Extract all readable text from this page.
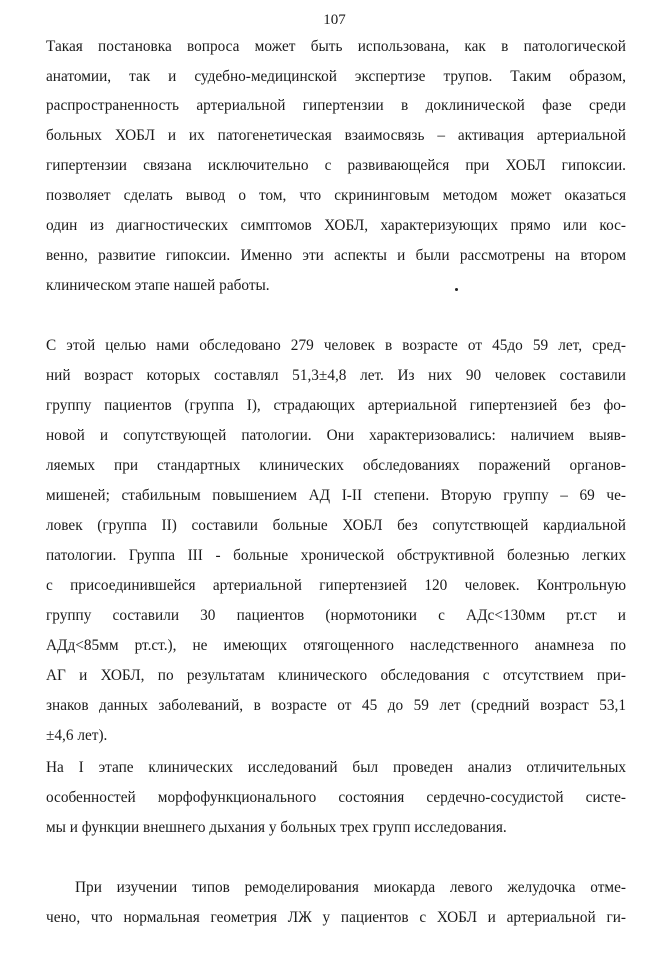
107
Такая постановка вопроса может быть использована, как в патологической
анатомии, так и судебно-медицинской экспертизе трупов. Таким образом,
распространенность артериальной гипертензии в доклинической фазе среди
больных ХОБЛ и их патогенетическая взаимосвязь – активация артериальной
гипертензии связана исключительно с развивающейся при ХОБЛ гипоксии.
позволяет сделать вывод о том, что скрининговым методом может оказаться
один из диагностических симптомов ХОБЛ, характеризующих прямо или кос-
венно, развитие гипоксии. Именно эти аспекты и были рассмотрены на втором
клиническом этапе нашей работы.
С этой целью нами обследовано 279 человек в возрасте от 45до 59 лет, сред-
ний возраст которых составлял 51,3±4,8 лет. Из них 90 человек составили
группу пациентов (группа I), страдающих артериальной гипертензией без фо-
новой и сопутствующей патологии. Они характеризовались: наличием выяв-
ляемых при стандартных клинических обследованиях поражений органов-
мишеней; стабильным повышением АД I-II степени. Вторую группу – 69 че-
ловек (группа II) составили больные ХОБЛ без сопутствющей кардиальной
патологии. Группа III - больные хронической обструктивной болезнью легких
с присоединившейся артериальной гипертензией 120 человек. Контрольную
группу составили 30 пациентов (нормотоники с АДс<130мм рт.ст и
АДд<85мм рт.ст.), не имеющих отягощенного наследственного анамнеза по
АГ и ХОБЛ, по результатам клинического обследования с отсутствием при-
знаков данных заболеваний, в возрасте от 45 до 59 лет (средний возраст 53,1
±4,6 лет).
На I этапе клинических исследований был проведен анализ отличительных
особенностей морфофункционального состояния сердечно-сосудистой систе-
мы и функции внешнего дыхания у больных трех групп исследования.
При изучении типов ремоделирования миокарда левого желудочка отме-
чено, что нормальная геометрия ЛЖ у пациентов с ХОБЛ и артериальной ги-
